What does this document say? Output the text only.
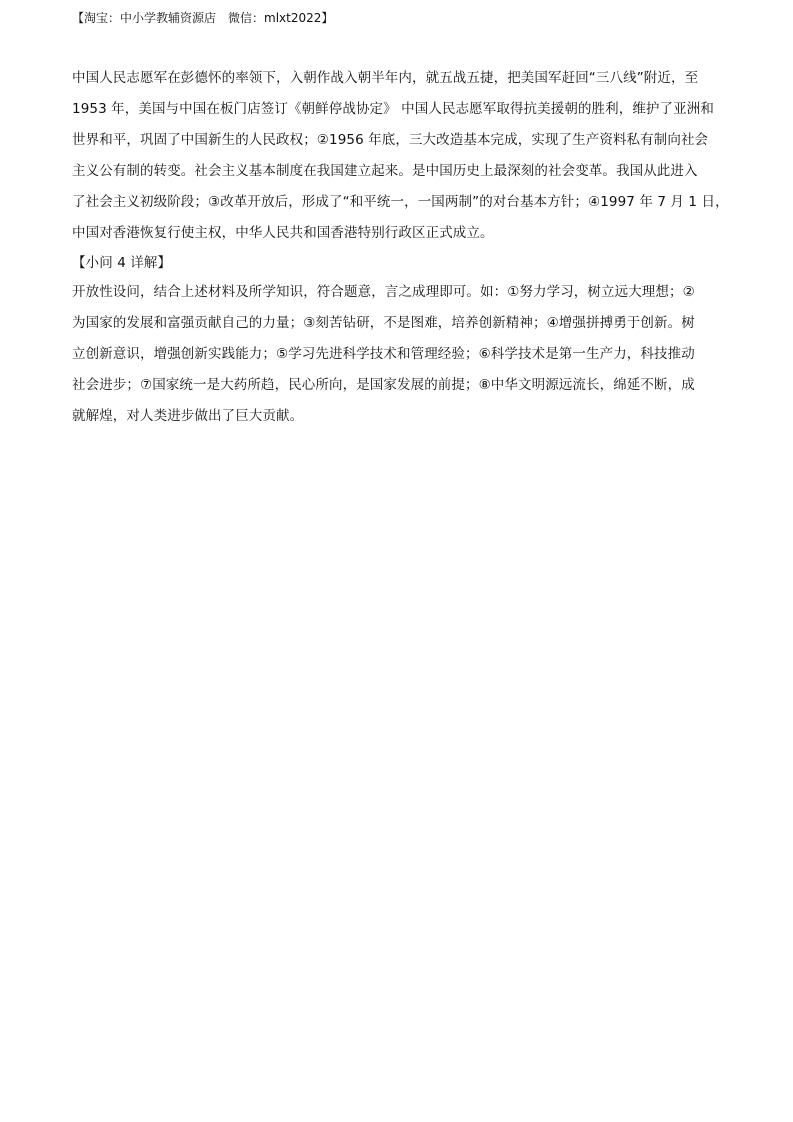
【淘宝：中小学教辅资源店　微信：mlxt2022】
中国人民志愿军在彭德怀的率领下，入朝作战入朝半年内，就五战五捷，把美国军赶回“三八线”附近，至
1953 年，美国与中国在板门店签订《朝鲜停战协定》 中国人民志愿军取得抗美援朝的胜利，维护了亚洲和
世界和平，巩固了中国新生的人民政权；②1956 年底，三大改造基本完成，实现了生产资料私有制向社会
主义公有制的转变。社会主义基本制度在我国建立起来。是中国历史上最深刻的社会变革。我国从此进入
了社会主义初级阶段；③改革开放后，形成了“和平统一，一国两制”的对台基本方针；④1997 年 7 月 1 日，
中国对香港恢复行使主权，中华人民共和国香港特别行政区正式成立。
【小问 4 详解】
开放性设问，结合上述材料及所学知识，符合题意，言之成理即可。如：①努力学习，树立远大理想；②
为国家的发展和富强贡献自己的力量；③刻苦钻研，不是图难，培养创新精神；④增强拼搏勇于创新。树
立创新意识，增强创新实践能力；⑤学习先进科学技术和管理经验；⑥科学技术是第一生产力，科技推动
社会进步；⑦国家统一是大药所趋，民心所向，是国家发展的前提；⑧中华文明源远流长，绵延不断，成
就解煌，对人类进步做出了巨大贡献。
